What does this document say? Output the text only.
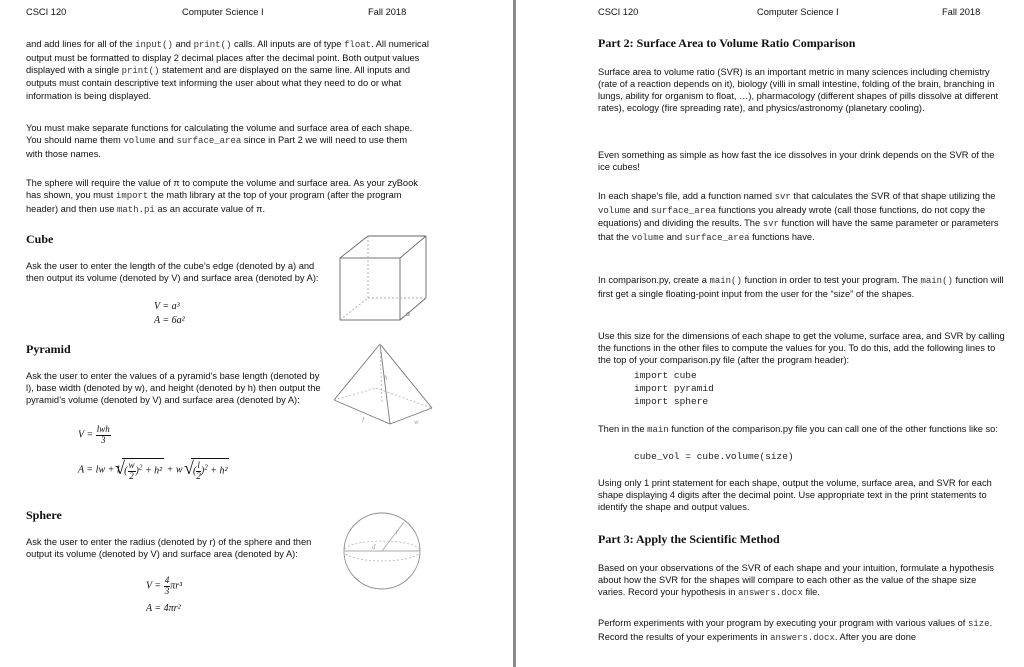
CSCI 120	Computer Science I	Fall 2018

and add lines for all of the input() and print() calls. All inputs are of type float. All numerical output must be formatted to display 2 decimal places after the decimal point. Both output values displayed with a single print() statement and are displayed on the same line. All inputs and outputs must contain descriptive text informing the user about what they need to do or what information is being displayed.

You must make separate functions for calculating the volume and surface area of each shape. You should name them volume and surface_area since in Part 2 we will need to use them with those names.

The sphere will require the value of π to compute the volume and surface area. As your zyBook has shown, you must import the math library at the top of your program (after the program header) and then use math.pi as an accurate value of π.

Cube

Ask the user to enter the length of the cube’s edge (denoted by a) and then output its volume (denoted by V) and surface area (denoted by A):

V = a³
A = 6a²
a
Pyramid

Ask the user to enter the values of a pyramid’s base length (denoted by l), base width (denoted by w), and height (denoted by h) then output the pyramid’s volume (denoted by V) and surface area (denoted by A):

$V = \frac{\text{lwh}}{3}$
A = lw + l
√ ( $\frac{w}{2} )^2 + h^2 + w$ √ ( $\frac{l}{2} )^2 + h^2$
h
l	w
Sphere

Ask the user to enter the radius (denoted by r) of the sphere and then output its volume (denoted by V) and surface area (denoted by A):

$V = \frac{4}{3} \pi r^3$
A = 4πr²
r
d
CSCI 120	Computer Science I	Fall 2018
Part 2: Surface Area to Volume Ratio Comparison

Surface area to volume ratio (SVR) is an important metric in many sciences including chemistry (rate of a reaction depends on it), biology (villi in small intestine, folding of the brain, branching in lungs, ability for organism to float, …), pharmacology (different shapes of pills dissolve at different rates), ecology (fire spreading rate), and physics/astronomy (planetary cooling).

Even something as simple as how fast the ice dissolves in your drink depends on the SVR of the ice cubes!

In each shape’s file, add a function named svr that calculates the SVR of that shape utilizing the volume and surface_area functions you already wrote (call those functions, do not copy the equations) and dividing the results. The svr function will have the same parameter or parameters that the volume and surface_area functions have.

In comparison.py, create a main() function in order to test your program. The main() function will first get a single floating-point input from the user for the “size” of the shapes.

Use this size for the dimensions of each shape to get the volume, surface area, and SVR by calling the functions in the other files to compute the values for you. To do this, add the following lines to the top of your comparison.py file (after the program header):

import cube

import pyramid

import sphere

Then in the main function of the comparison.py file you can call one of the other functions like so:

cube_vol = cube.volume(size)

Using only 1 print statement for each shape, output the volume, surface area, and SVR for each shape displaying 4 digits after the decimal point. Use appropriate text in the print statements to identify the shape and output values.

Part 3: Apply the Scientific Method

Based on your observations of the SVR of each shape and your intuition, formulate a hypothesis about how the SVR for the shapes will compare to each other as the value of the shape size varies. Record your hypothesis in answers.docx file.

Perform experiments with your program by executing your program with various values of size. Record the results of your experiments in answers.docx. After you are done
